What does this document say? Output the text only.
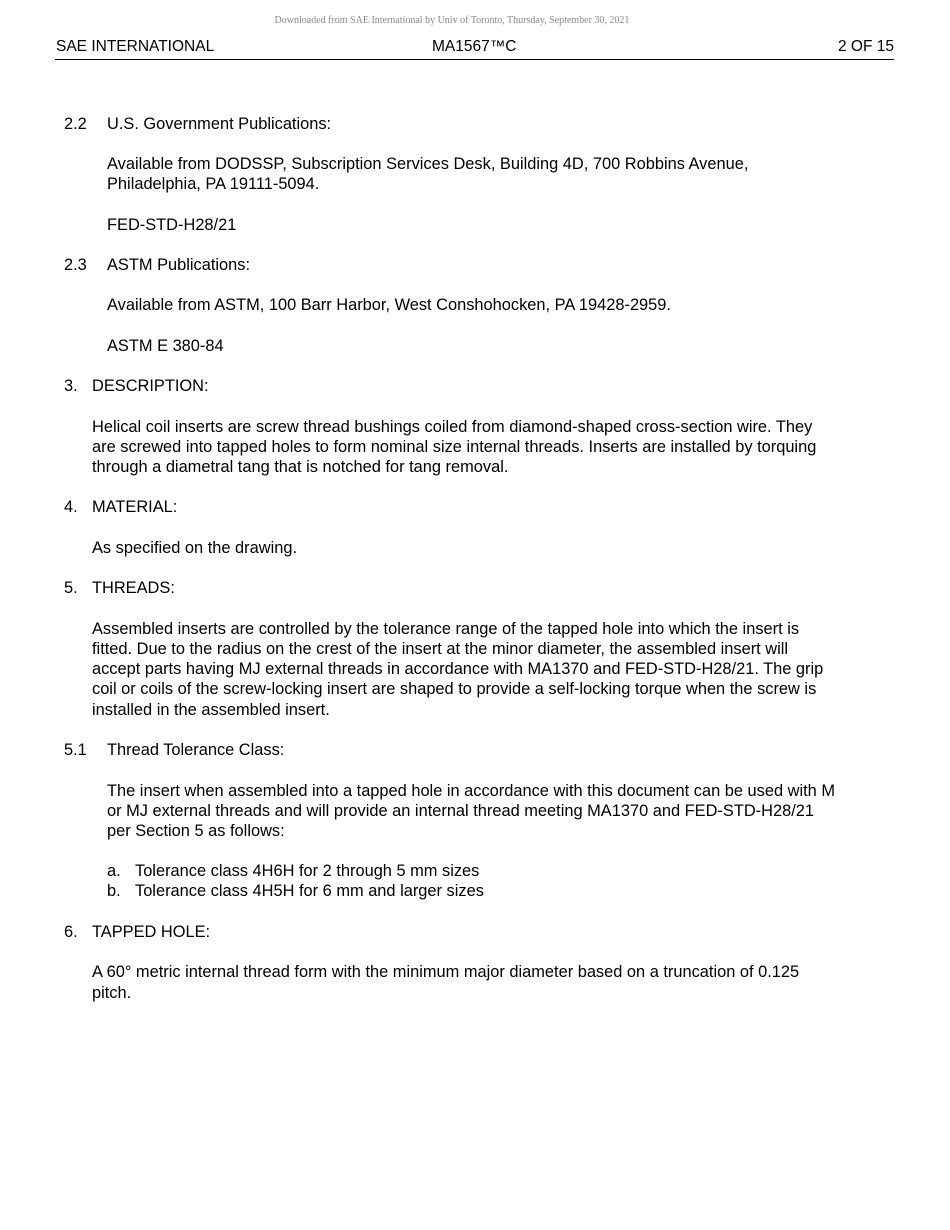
Downloaded from SAE International by Univ of Toronto, Thursday, September 30, 2021
SAE INTERNATIONAL	MA1567™C	2 OF 15
2.2 U.S. Government Publications:
Available from DODSSP, Subscription Services Desk, Building 4D, 700 Robbins Avenue,
Philadelphia, PA 19111-5094.
FED-STD-H28/21
2.3 ASTM Publications:
Available from ASTM, 100 Barr Harbor, West Conshohocken, PA 19428-2959.
ASTM E 380-84
3. DESCRIPTION:
Helical coil inserts are screw thread bushings coiled from diamond-shaped cross-section wire. They
are screwed into tapped holes to form nominal size internal threads. Inserts are installed by torquing
through a diametral tang that is notched for tang removal.
4. MATERIAL:
As specified on the drawing.
5. THREADS:
Assembled inserts are controlled by the tolerance range of the tapped hole into which the insert is
fitted. Due to the radius on the crest of the insert at the minor diameter, the assembled insert will
accept parts having MJ external threads in accordance with MA1370 and FED-STD-H28/21. The grip
coil or coils of the screw-locking insert are shaped to provide a self-locking torque when the screw is
installed in the assembled insert.
5.1 Thread Tolerance Class:
The insert when assembled into a tapped hole in accordance with this document can be used with M
or MJ external threads and will provide an internal thread meeting MA1370 and FED-STD-H28/21
per Section 5 as follows:
a. Tolerance class 4H6H for 2 through 5 mm sizes
b. Tolerance class 4H5H for 6 mm and larger sizes
6. TAPPED HOLE:
A 60° metric internal thread form with the minimum major diameter based on a truncation of 0.125
pitch.
